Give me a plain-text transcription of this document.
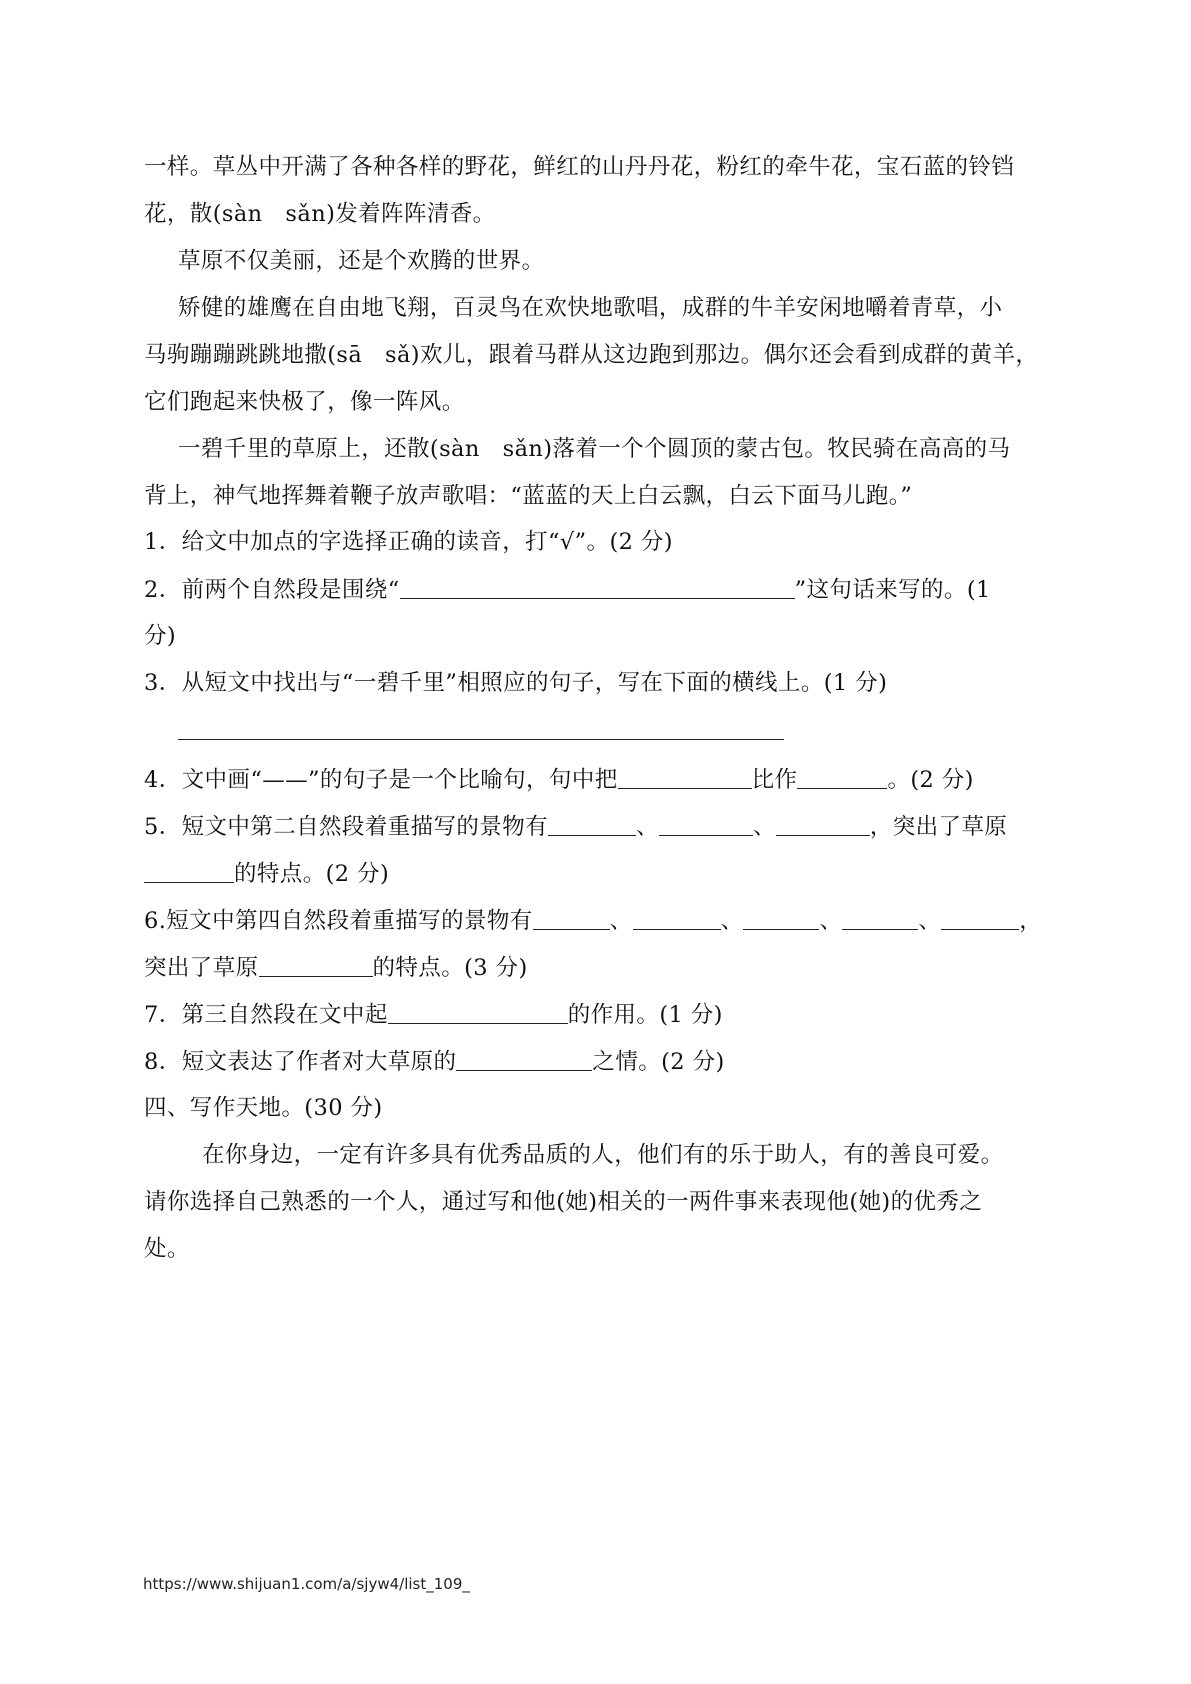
一样。草丛中开满了各种各样的野花，鲜红的山丹丹花，粉红的牵牛花，宝石蓝的铃铛
花，散(sàn　sǎn)发着阵阵清香。
草原不仅美丽，还是个欢腾的世界。
矫健的雄鹰在自由地飞翔，百灵鸟在欢快地歌唱，成群的牛羊安闲地嚼着青草，小
马驹蹦蹦跳跳地撒(sā　sǎ)欢儿，跟着马群从这边跑到那边。偶尔还会看到成群的黄羊，
它们跑起来快极了，像一阵风。
一碧千里的草原上，还散(sàn　sǎn)落着一个个圆顶的蒙古包。牧民骑在高高的马
背上，神气地挥舞着鞭子放声歌唱：“蓝蓝的天上白云飘，白云下面马儿跑。”
1．给文中加点的字选择正确的读音，打“√”。(2 分)
2．前两个自然段是围绕“	”这句话来写的。(1
分)
3．从短文中找出与“一碧千里”相照应的句子，写在下面的横线上。(1 分)
4．文中画“——”的句子是一个比喻句，句中把	比作	。(2 分)
5．短文中第二自然段着重描写的景物有	、	、	，突出了草原
的特点。(2 分)
6.短文中第四自然段着重描写的景物有	、	、	、	、	，
突出了草原	的特点。(3 分)
7．第三自然段在文中起	的作用。(1 分)
8．短文表达了作者对大草原的	之情。(2 分)
四、写作天地。(30 分)
在你身边，一定有许多具有优秀品质的人，他们有的乐于助人，有的善良可爱。
请你选择自己熟悉的一个人，通过写和他(她)相关的一两件事来表现他(她)的优秀之
处。
https://www.shijuan1.com/a/sjyw4/list_109_
